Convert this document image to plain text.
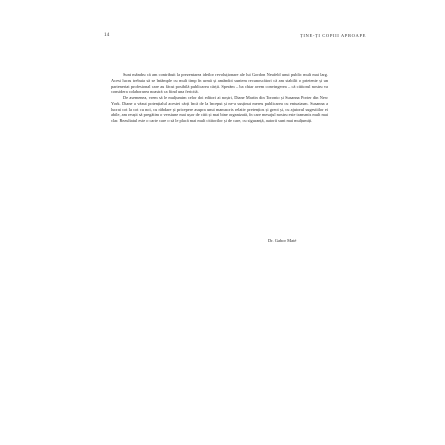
14	ȚINE-ȚI COPIII APROAPE

Sunt mândru că am contribuit la prezentarea ideilor revoluționare ale lui Gordon Neufeld unui public mult mai larg. Acest lucru trebuia să se întâmple cu mult timp în urmă și amândoi suntem recunoscători că am stabilit o prietenie și un parteneriat profesional care au făcut posibilă publicarea cărții. Sperăm – ba chiar avem convingerea – că cititorul nostru va considera colaborarea noastră ca fiind una fericită.

De asemenea, vrem să le mulțumim celor doi editori ai noștri, Diane Martin din Toronto și Susanna Porter din New York. Diane a văzut potențialul acestei cărți încă de la început și ne-a susținut mereu publicarea cu entuziasm. Susanna a lucrat cot la cot cu noi, cu răbdare și pricepere asupra unui manuscris relativ pretențios și greoi și, cu ajutorul sugestiilor ei abile, am reușit să pregătim o versiune mai ușor de citit și mai bine organizată, în care mesajul nostru este transmis mult mai clar. Rezultatul este o carte care o să le placă mai mult cititorilor și de care, cu siguranță, autorii sunt mai mulțumiți.

Dr. Gabor Maté
